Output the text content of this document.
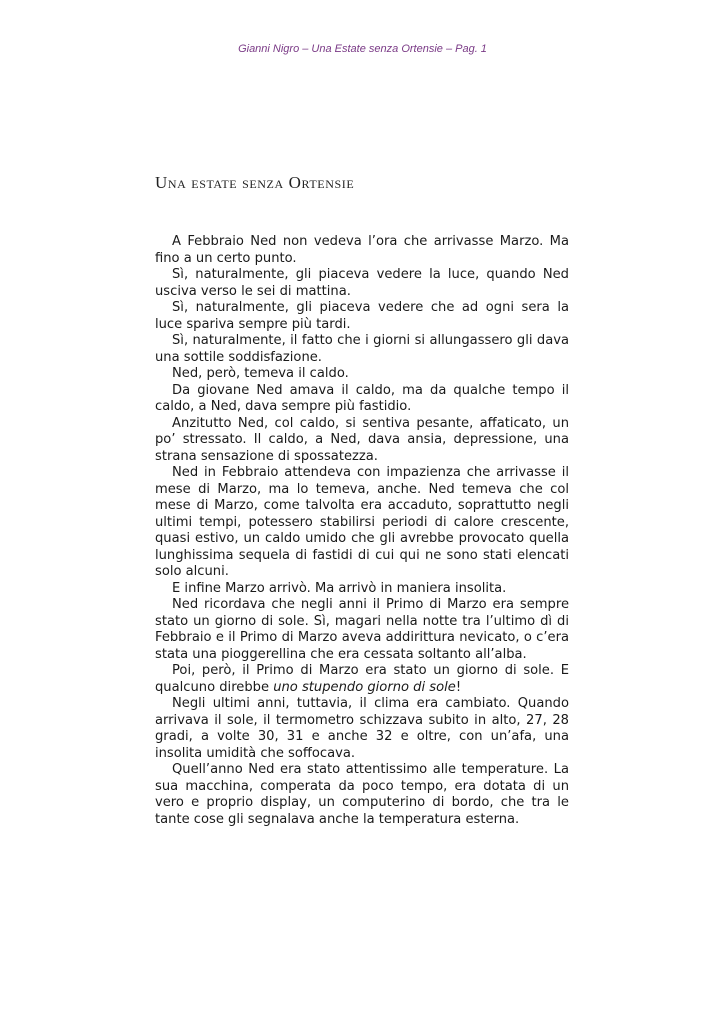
Gianni Nigro – Una Estate senza Ortensie – Pag. 1
Una estate senza Ortensie

A Febbraio Ned non vedeva l’ora che arrivasse Marzo. Ma fino a un certo punto.

Sì, naturalmente, gli piaceva vedere la luce, quando Ned usciva verso le sei di mattina.

Sì, naturalmente, gli piaceva vedere che ad ogni sera la luce spariva sempre più tardi.

Sì, naturalmente, il fatto che i giorni si allungassero gli dava una sottile soddisfazione.

Ned, però, temeva il caldo.

Da giovane Ned amava il caldo, ma da qualche tempo il caldo, a Ned, dava sempre più fastidio.

Anzitutto Ned, col caldo, si sentiva pesante, affaticato, un po’ stressato. Il caldo, a Ned, dava ansia, depressione, una strana sensazione di spossatezza.

Ned in Febbraio attendeva con impazienza che arrivasse il mese di Marzo, ma lo temeva, anche. Ned temeva che col mese di Marzo, come talvolta era accaduto, soprattutto negli ultimi tempi, potessero stabilirsi periodi di calore crescente, quasi estivo, un caldo umido che gli avrebbe provocato quella lunghissima sequela di fastidi di cui qui ne sono stati elencati solo alcuni.

E infine Marzo arrivò. Ma arrivò in maniera insolita.

Ned ricordava che negli anni il Primo di Marzo era sempre stato un giorno di sole. Sì, magari nella notte tra l’ultimo dì di Febbraio e il Primo di Marzo aveva addirittura nevicato, o c’era stata una pioggerellina che era cessata soltanto all’alba.

Poi, però, il Primo di Marzo era stato un giorno di sole. E qualcuno direbbe uno stupendo giorno di sole!

Negli ultimi anni, tuttavia, il clima era cambiato. Quando arrivava il sole, il termometro schizzava subito in alto, 27, 28 gradi, a volte 30, 31 e anche 32 e oltre, con un’afa, una insolita umidità che soffocava.

Quell’anno Ned era stato attentissimo alle temperature. La sua macchina, comperata da poco tempo, era dotata di un vero e proprio display, un computerino di bordo, che tra le tante cose gli segnalava anche la temperatura esterna.
